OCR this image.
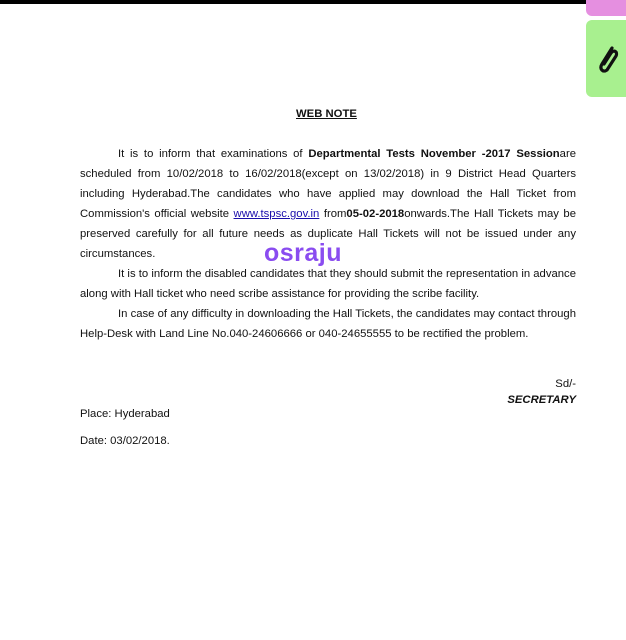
WEB NOTE
It is to inform that examinations of Departmental Tests November -2017 Sessionare scheduled from 10/02/2018 to 16/02/2018(except on 13/02/2018) in 9 District Head Quarters including Hyderabad.The candidates who have applied may download the Hall Ticket from Commission's official website www.tspsc.gov.in from05-02-2018onwards.The Hall Tickets may be preserved carefully for all future needs as duplicate Hall Tickets will not be issued under any circumstances.
It is to inform the disabled candidates that they should submit the representation in advance along with Hall ticket who need scribe assistance for providing the scribe facility.
In case of any difficulty in downloading the Hall Tickets, the candidates may contact through Help-Desk with Land Line No.040-24606666 or 040-24655555 to be rectified the problem.
Sd/-
SECRETARY
Place: Hyderabad
Date: 03/02/2018.
osraju
